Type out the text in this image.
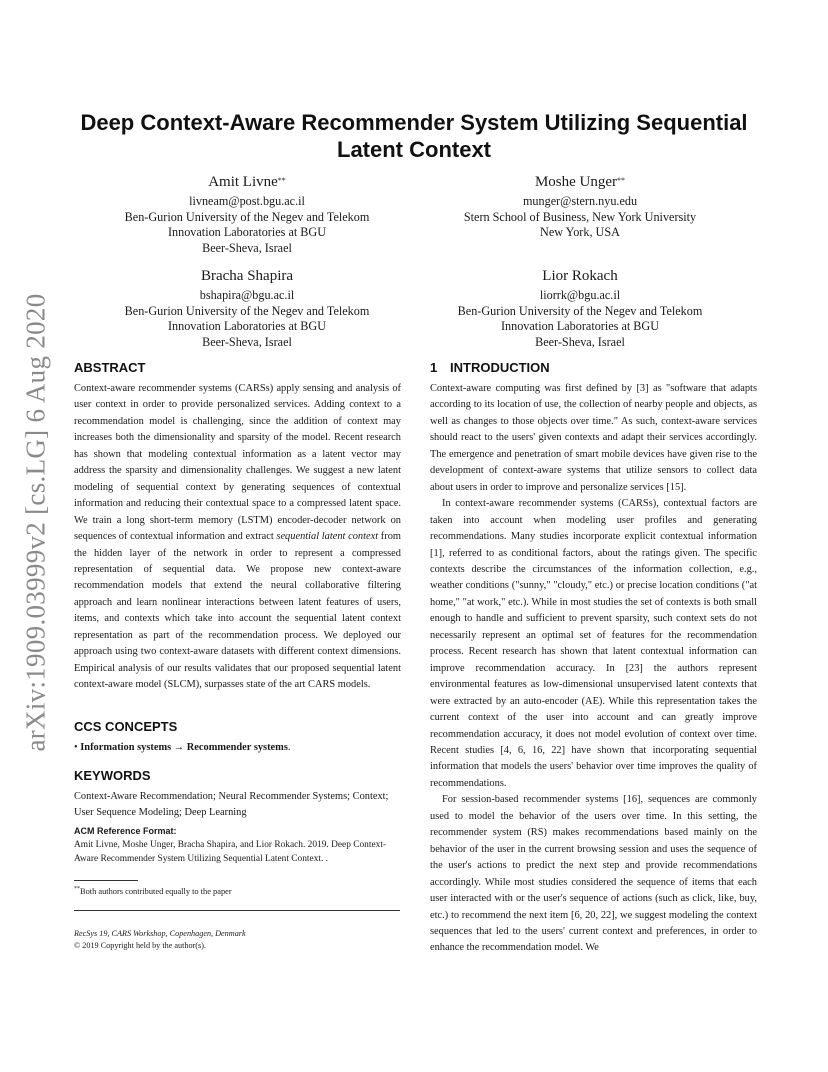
arXiv:1909.03999v2 [cs.LG] 6 Aug 2020
Deep Context-Aware Recommender System Utilizing Sequential
Latent Context
Amit Livne**
livneam@post.bgu.ac.il
Ben-Gurion University of the Negev and Telekom
Innovation Laboratories at BGU
Beer-Sheva, Israel
Moshe Unger**
munger@stern.nyu.edu
Stern School of Business, New York University
New York, USA
Bracha Shapira
bshapira@bgu.ac.il
Ben-Gurion University of the Negev and Telekom
Innovation Laboratories at BGU
Beer-Sheva, Israel
Lior Rokach
liorrk@bgu.ac.il
Ben-Gurion University of the Negev and Telekom
Innovation Laboratories at BGU
Beer-Sheva, Israel
ABSTRACT

Context-aware recommender systems (CARSs) apply sensing and analysis of user context in order to provide personalized services. Adding context to a recommendation model is challenging, since the addition of context may increases both the dimensionality and sparsity of the model. Recent research has shown that modeling contextual information as a latent vector may address the sparsity and dimensionality challenges. We suggest a new latent modeling of sequential context by generating sequences of contextual information and reducing their contextual space to a compressed latent space. We train a long short-term memory (LSTM) encoder-decoder network on sequences of contextual information and extract sequential latent context from the hidden layer of the network in order to represent a compressed representation of sequential data. We propose new context-aware recommendation models that extend the neural collaborative filtering approach and learn nonlinear interactions between latent features of users, items, and contexts which take into account the sequential latent context representation as part of the recommendation process. We deployed our approach using two context-aware datasets with different context dimensions. Empirical analysis of our results validates that our proposed sequential latent context-aware model (SLCM), surpasses state of the art CARS models.

CCS CONCEPTS
• Information systems → Recommender systems.
KEYWORDS

Context-Aware Recommendation; Neural Recommender Systems; Context; User Sequence Modeling; Deep Learning

ACM Reference Format:

Amit Livne, Moshe Unger, Bracha Shapira, and Lior Rokach. 2019. Deep Context-Aware Recommender System Utilizing Sequential Latent Context. .

**Both authors contributed equally to the paper
RecSys 19, CARS Workshop, Copenhagen, Denmark
© 2019 Copyright held by the author(s).
1 INTRODUCTION

Context-aware computing was first defined by [3] as "software that adapts according to its location of use, the collection of nearby people and objects, as well as changes to those objects over time." As such, context-aware services should react to the users' given contexts and adapt their services accordingly. The emergence and penetration of smart mobile devices have given rise to the development of context-aware systems that utilize sensors to collect data about users in order to improve and personalize services [15].

In context-aware recommender systems (CARSs), contextual factors are taken into account when modeling user profiles and generating recommendations. Many studies incorporate explicit contextual information [1], referred to as conditional factors, about the ratings given. The specific contexts describe the circumstances of the information collection, e.g., weather conditions ("sunny," "cloudy," etc.) or precise location conditions ("at home," "at work," etc.). While in most studies the set of contexts is both small enough to handle and sufficient to prevent sparsity, such context sets do not necessarily represent an optimal set of features for the recommendation process. Recent research has shown that latent contextual information can improve recommendation accuracy. In [23] the authors represent environmental features as low-dimensional unsupervised latent contexts that were extracted by an auto-encoder (AE). While this representation takes the current context of the user into account and can greatly improve recommendation accuracy, it does not model evolution of context over time. Recent studies [4, 6, 16, 22] have shown that incorporating sequential information that models the users' behavior over time improves the quality of recommendations.

For session-based recommender systems [16], sequences are commonly used to model the behavior of the users over time. In this setting, the recommender system (RS) makes recommendations based mainly on the behavior of the user in the current browsing session and uses the sequence of the user's actions to predict the next step and provide recommendations accordingly. While most studies considered the sequence of items that each user interacted with or the user's sequence of actions (such as click, like, buy, etc.) to recommend the next item [6, 20, 22], we suggest modeling the context sequences that led to the users' current context and preferences, in order to enhance the recommendation model. We
